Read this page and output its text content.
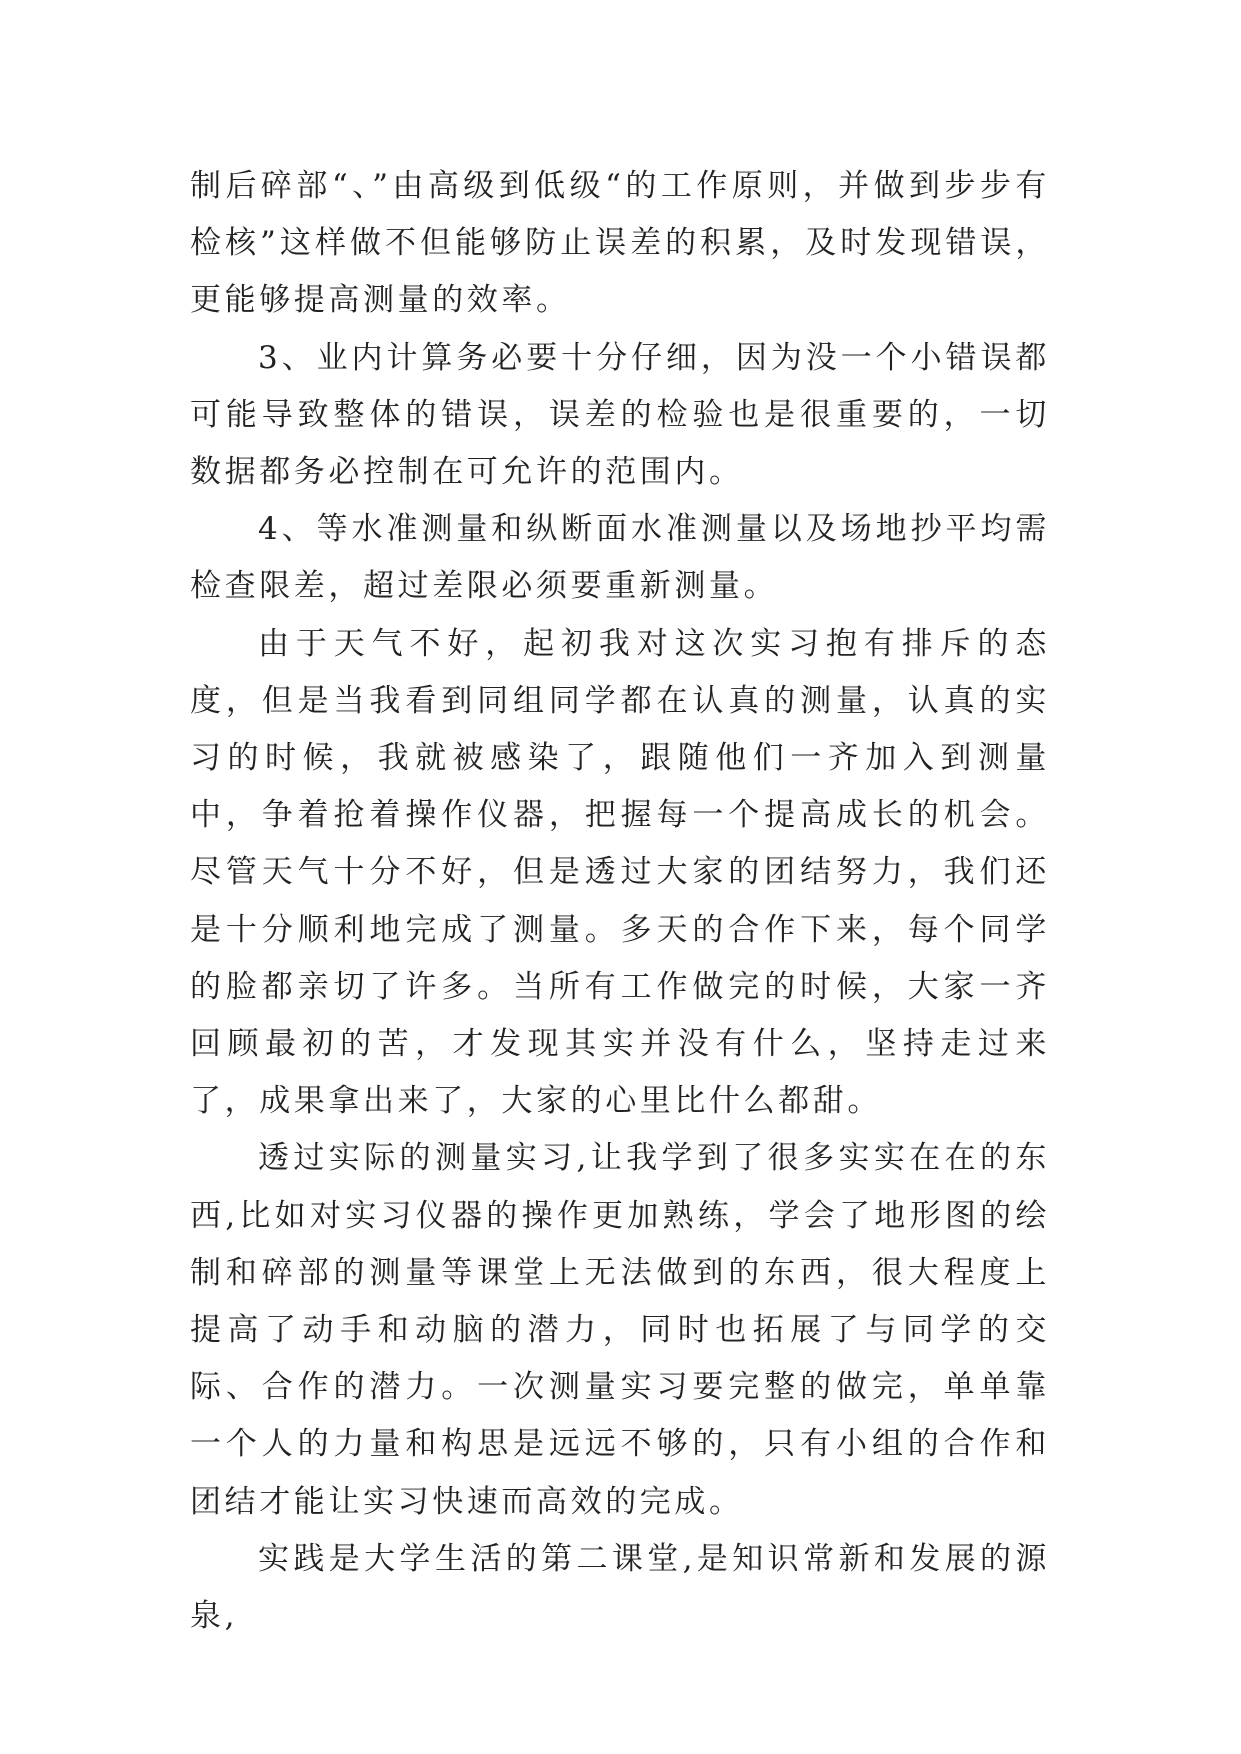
制后碎部“、”由高级到低级“的工作原则，并做到步步有检核”这样做不但能够防止误差的积累，及时发现错误，更能够提高测量的效率。

3、业内计算务必要十分仔细，因为没一个小错误都可能导致整体的错误，误差的检验也是很重要的，一切数据都务必控制在可允许的范围内。

4、等水准测量和纵断面水准测量以及场地抄平均需检查限差，超过差限必须要重新测量。

由于天气不好，起初我对这次实习抱有排斥的态度，但是当我看到同组同学都在认真的测量，认真的实习的时候，我就被感染了，跟随他们一齐加入到测量中，争着抢着操作仪器，把握每一个提高成长的机会。尽管天气十分不好，但是透过大家的团结努力，我们还是十分顺利地完成了测量。多天的合作下来，每个同学的脸都亲切了许多。当所有工作做完的时候，大家一齐回顾最初的苦，才发现其实并没有什么，坚持走过来了，成果拿出来了，大家的心里比什么都甜。

透过实际的测量实习,让我学到了很多实实在在的东西,比如对实习仪器的操作更加熟练，学会了地形图的绘制和碎部的测量等课堂上无法做到的东西，很大程度上提高了动手和动脑的潜力，同时也拓展了与同学的交际、合作的潜力。一次测量实习要完整的做完，单单靠一个人的力量和构思是远远不够的，只有小组的合作和团结才能让实习快速而高效的完成。

实践是大学生活的第二课堂,是知识常新和发展的源泉,
